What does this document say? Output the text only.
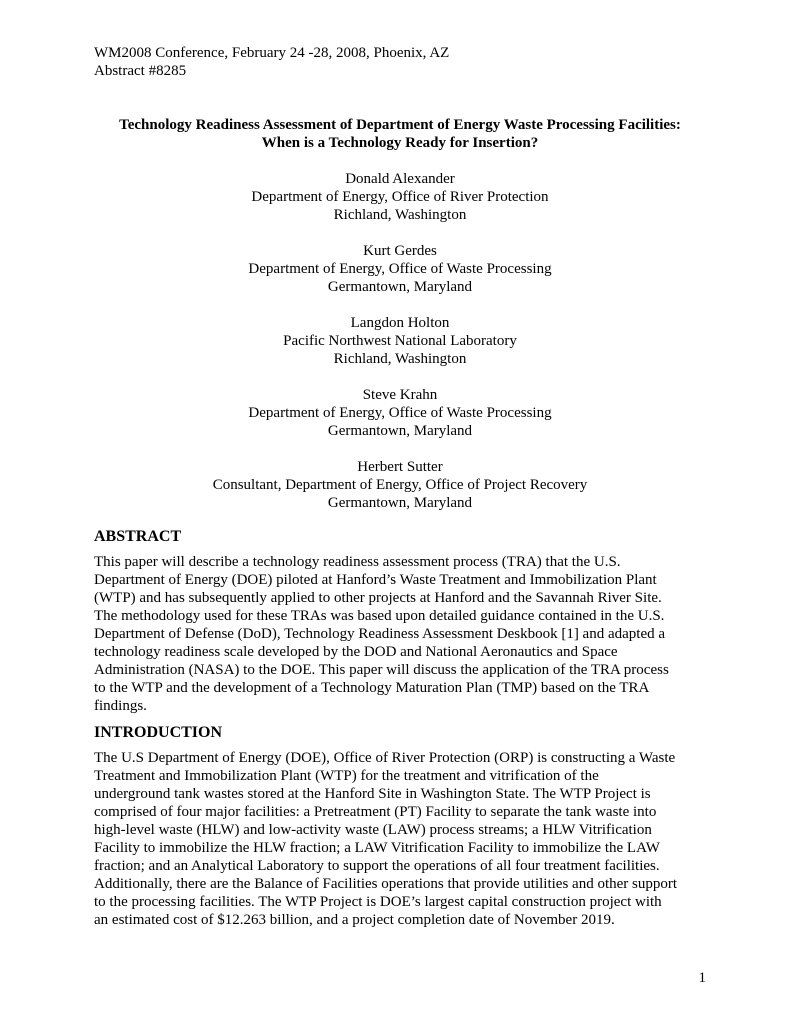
WM2008 Conference, February 24 -28, 2008, Phoenix, AZ
Abstract #8285
Technology Readiness Assessment of Department of Energy Waste Processing Facilities:
When is a Technology Ready for Insertion?
Donald Alexander
Department of Energy, Office of River Protection
Richland, Washington
Kurt Gerdes
Department of Energy, Office of Waste Processing
Germantown, Maryland
Langdon Holton
Pacific Northwest National Laboratory
Richland, Washington
Steve Krahn
Department of Energy, Office of Waste Processing
Germantown, Maryland
Herbert Sutter
Consultant, Department of Energy, Office of Project Recovery
Germantown, Maryland
ABSTRACT
This paper will describe a technology readiness assessment process (TRA) that the U.S.
Department of Energy (DOE) piloted at Hanford’s Waste Treatment and Immobilization Plant
(WTP) and has subsequently applied to other projects at Hanford and the Savannah River Site.
The methodology used for these TRAs was based upon detailed guidance contained in the U.S.
Department of Defense (DoD), Technology Readiness Assessment Deskbook [1] and adapted a
technology readiness scale developed by the DOD and National Aeronautics and Space
Administration (NASA) to the DOE. This paper will discuss the application of the TRA process
to the WTP and the development of a Technology Maturation Plan (TMP) based on the TRA
findings.
INTRODUCTION
The U.S Department of Energy (DOE), Office of River Protection (ORP) is constructing a Waste
Treatment and Immobilization Plant (WTP) for the treatment and vitrification of the
underground tank wastes stored at the Hanford Site in Washington State. The WTP Project is
comprised of four major facilities: a Pretreatment (PT) Facility to separate the tank waste into
high-level waste (HLW) and low-activity waste (LAW) process streams; a HLW Vitrification
Facility to immobilize the HLW fraction; a LAW Vitrification Facility to immobilize the LAW
fraction; and an Analytical Laboratory to support the operations of all four treatment facilities.
Additionally, there are the Balance of Facilities operations that provide utilities and other support
to the processing facilities. The WTP Project is DOE’s largest capital construction project with
an estimated cost of $12.263 billion, and a project completion date of November 2019.
1
